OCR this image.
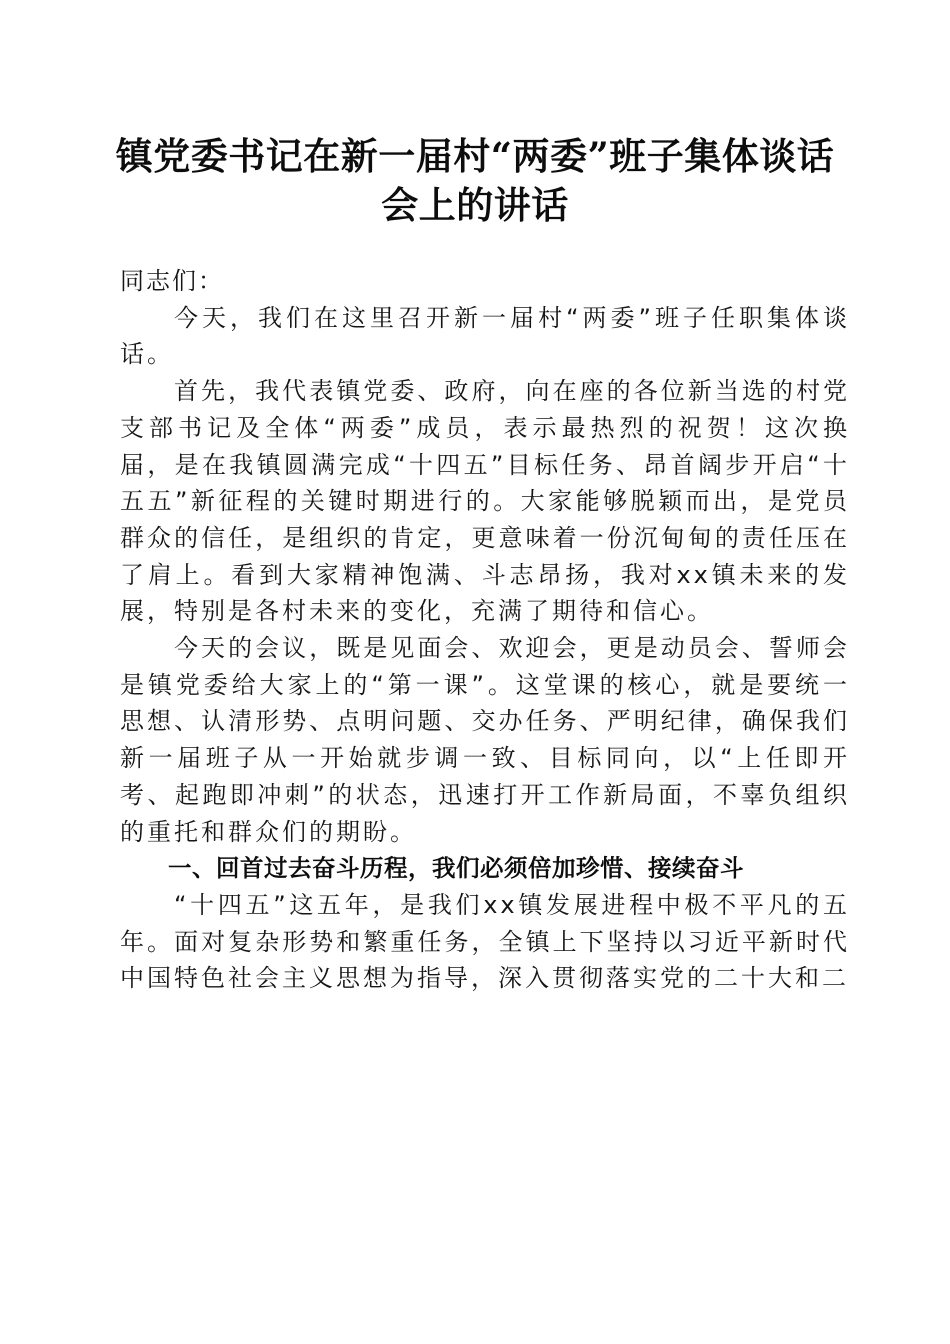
镇党委书记在新一届村“两委”班子集体谈话会上的讲话

同志们：

今天，我们在这里召开新一届村“两委”班子任职集体谈话。

首先，我代表镇党委、政府，向在座的各位新当选的村党支部书记及全体“两委”成员，表示最热烈的祝贺！这次换届，是在我镇圆满完成“十四五”目标任务、昂首阔步开启“十五五”新征程的关键时期进行的。大家能够脱颖而出，是党员群众的信任，是组织的肯定，更意味着一份沉甸甸的责任压在了肩上。看到大家精神饱满、斗志昂扬，我对xx镇未来的发展，特别是各村未来的变化，充满了期待和信心。

今天的会议，既是见面会、欢迎会，更是动员会、誓师会是镇党委给大家上的“第一课”。这堂课的核心，就是要统一思想、认清形势、点明问题、交办任务、严明纪律，确保我们新一届班子从一开始就步调一致、目标同向，以“上任即开考、起跑即冲刺”的状态，迅速打开工作新局面，不辜负组织的重托和群众们的期盼。

一、回首过去奋斗历程，我们必须倍加珍惜、接续奋斗

“十四五”这五年，是我们xx镇发展进程中极不平凡的五年。面对复杂形势和繁重任务，全镇上下坚持以习近平新时代中国特色社会主义思想为指导，深入贯彻落实党的二十大和二
